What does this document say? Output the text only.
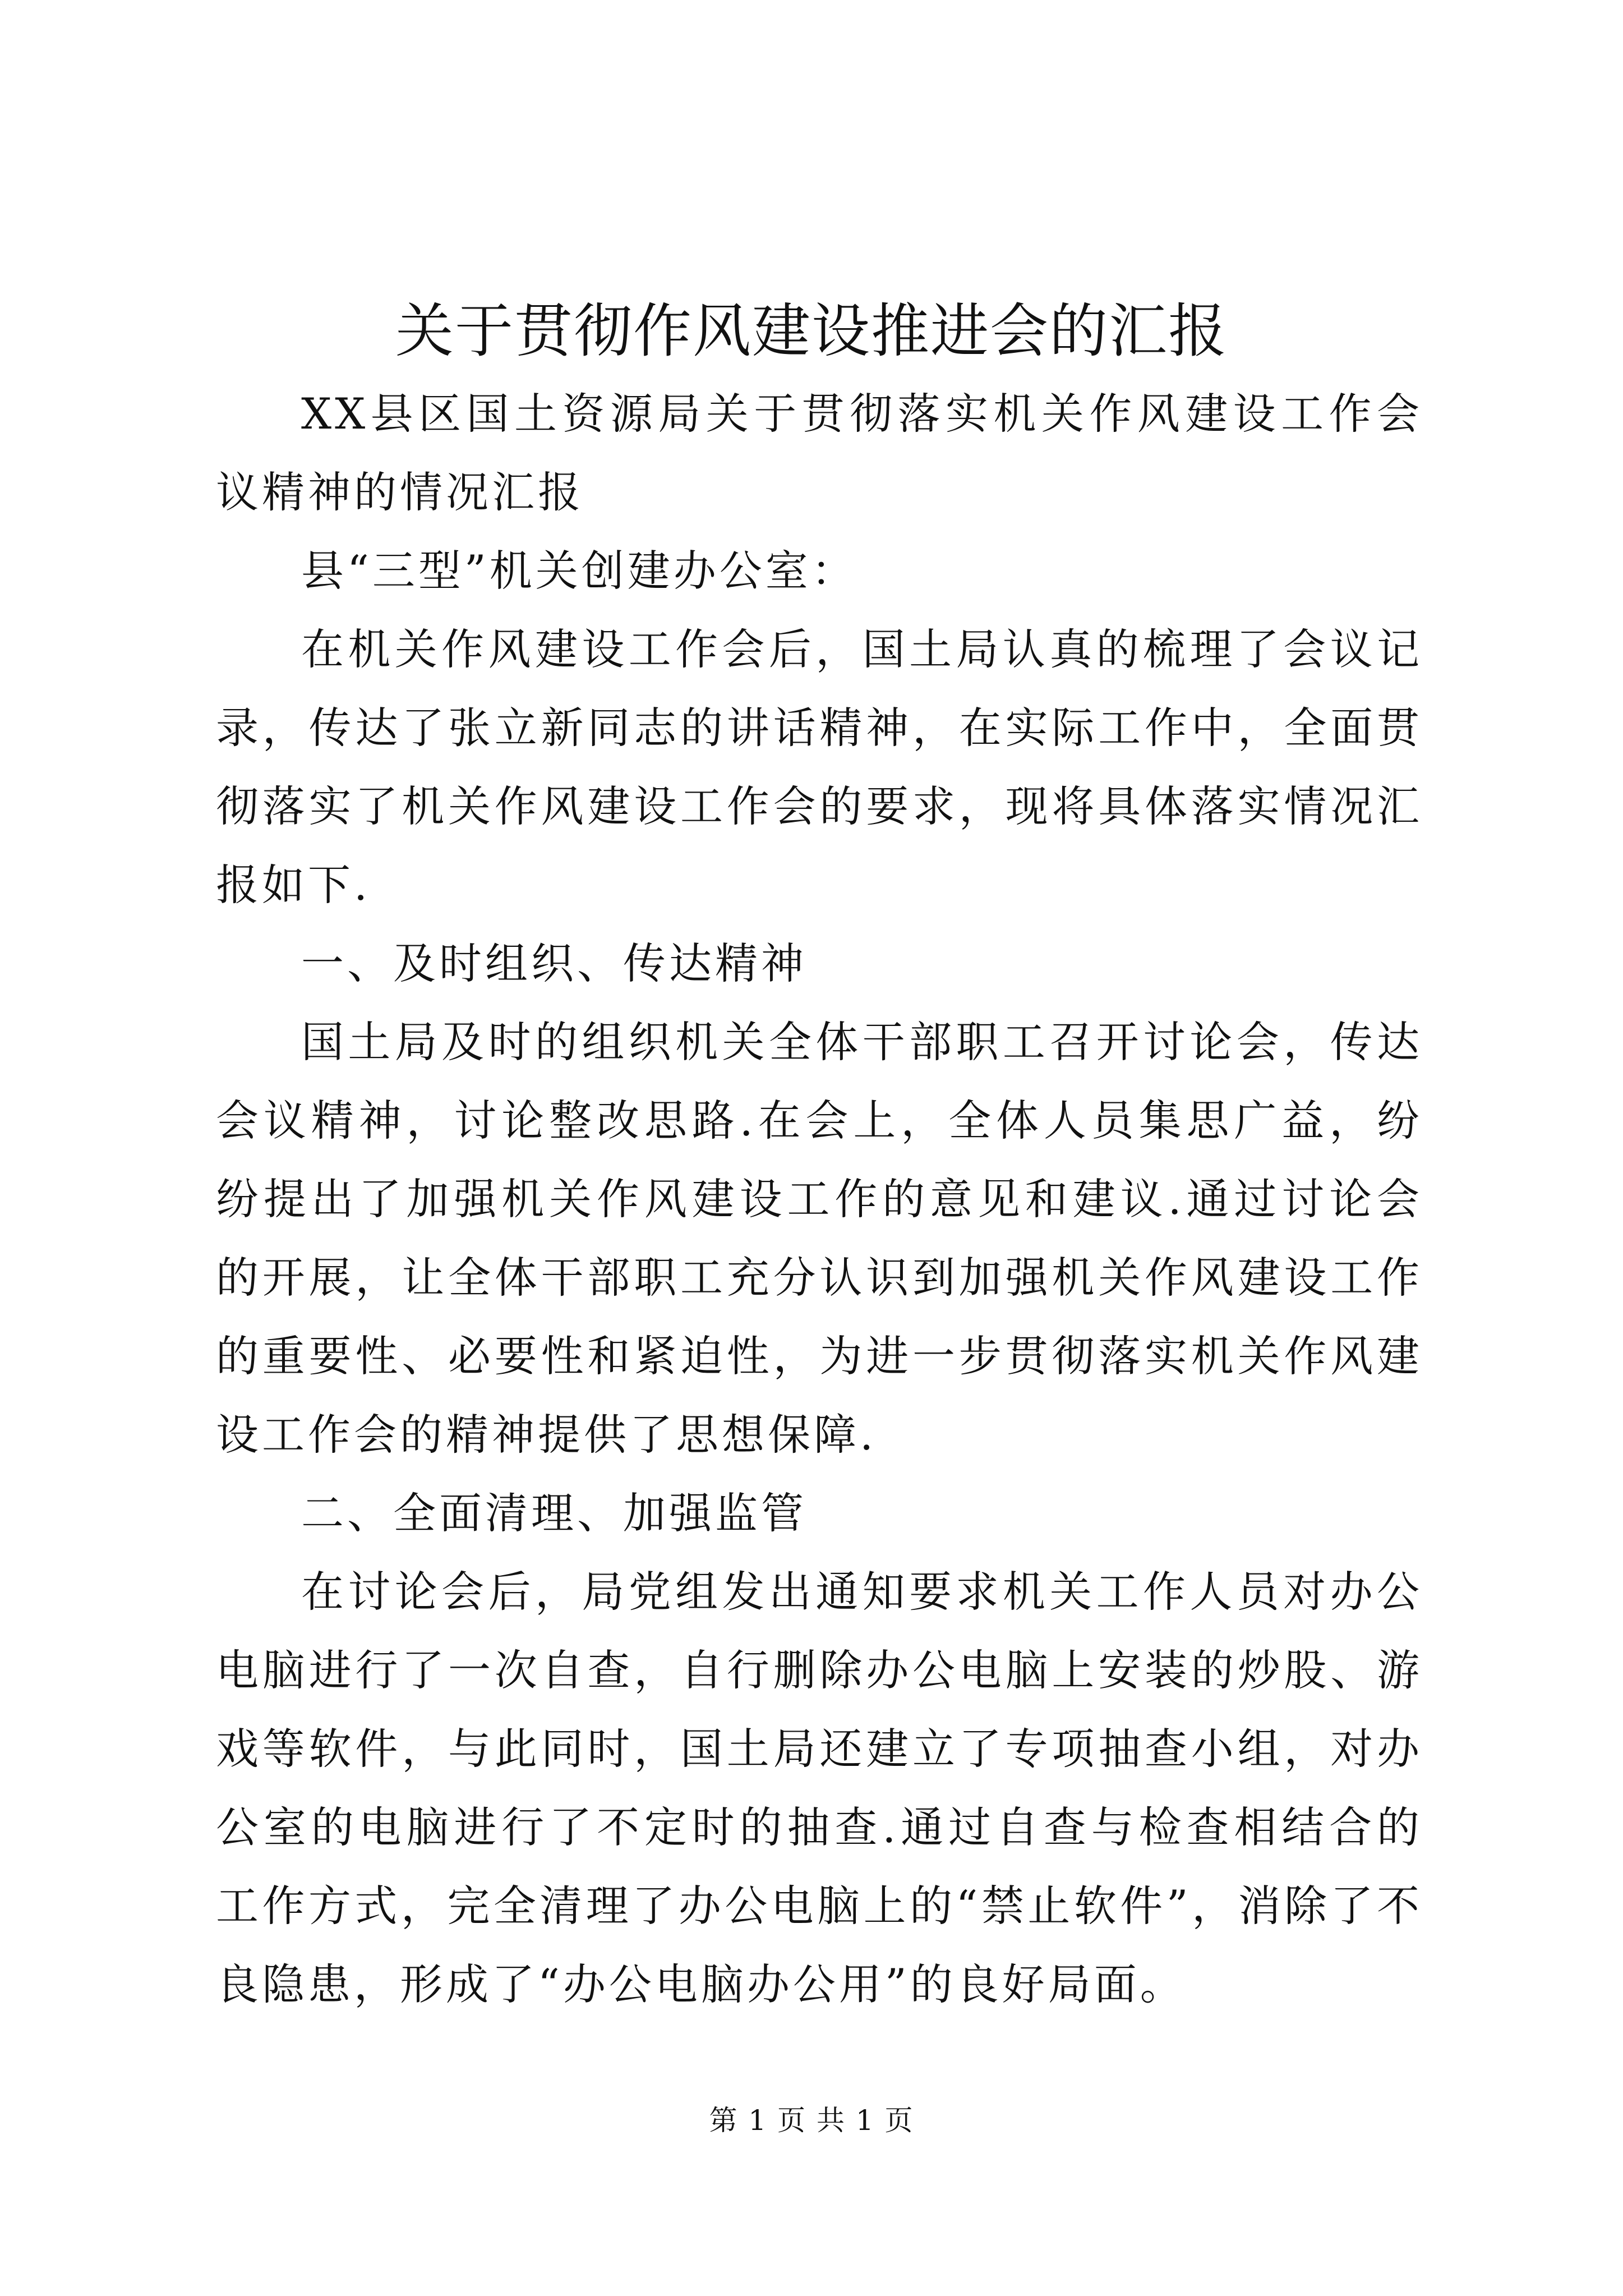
关于贯彻作风建设推进会的汇报

XX县区国土资源局关于贯彻落实机关作风建设工作会议精神的情况汇报

县“三型”机关创建办公室：

在机关作风建设工作会后，国土局认真的梳理了会议记录，传达了张立新同志的讲话精神，在实际工作中，全面贯彻落实了机关作风建设工作会的要求，现将具体落实情况汇报如下.

一、及时组织、传达精神

国土局及时的组织机关全体干部职工召开讨论会，传达会议精神，讨论整改思路.在会上，全体人员集思广益，纷纷提出了加强机关作风建设工作的意见和建议.通过讨论会的开展，让全体干部职工充分认识到加强机关作风建设工作的重要性、必要性和紧迫性，为进一步贯彻落实机关作风建设工作会的精神提供了思想保障.

二、全面清理、加强监管

在讨论会后，局党组发出通知要求机关工作人员对办公电脑进行了一次自查，自行删除办公电脑上安装的炒股、游戏等软件，与此同时，国土局还建立了专项抽查小组，对办公室的电脑进行了不定时的抽查.通过自查与检查相结合的工作方式，完全清理了办公电脑上的“禁止软件”，消除了不良隐患，形成了“办公电脑办公用”的良好局面。

第 1 页 共 1 页
